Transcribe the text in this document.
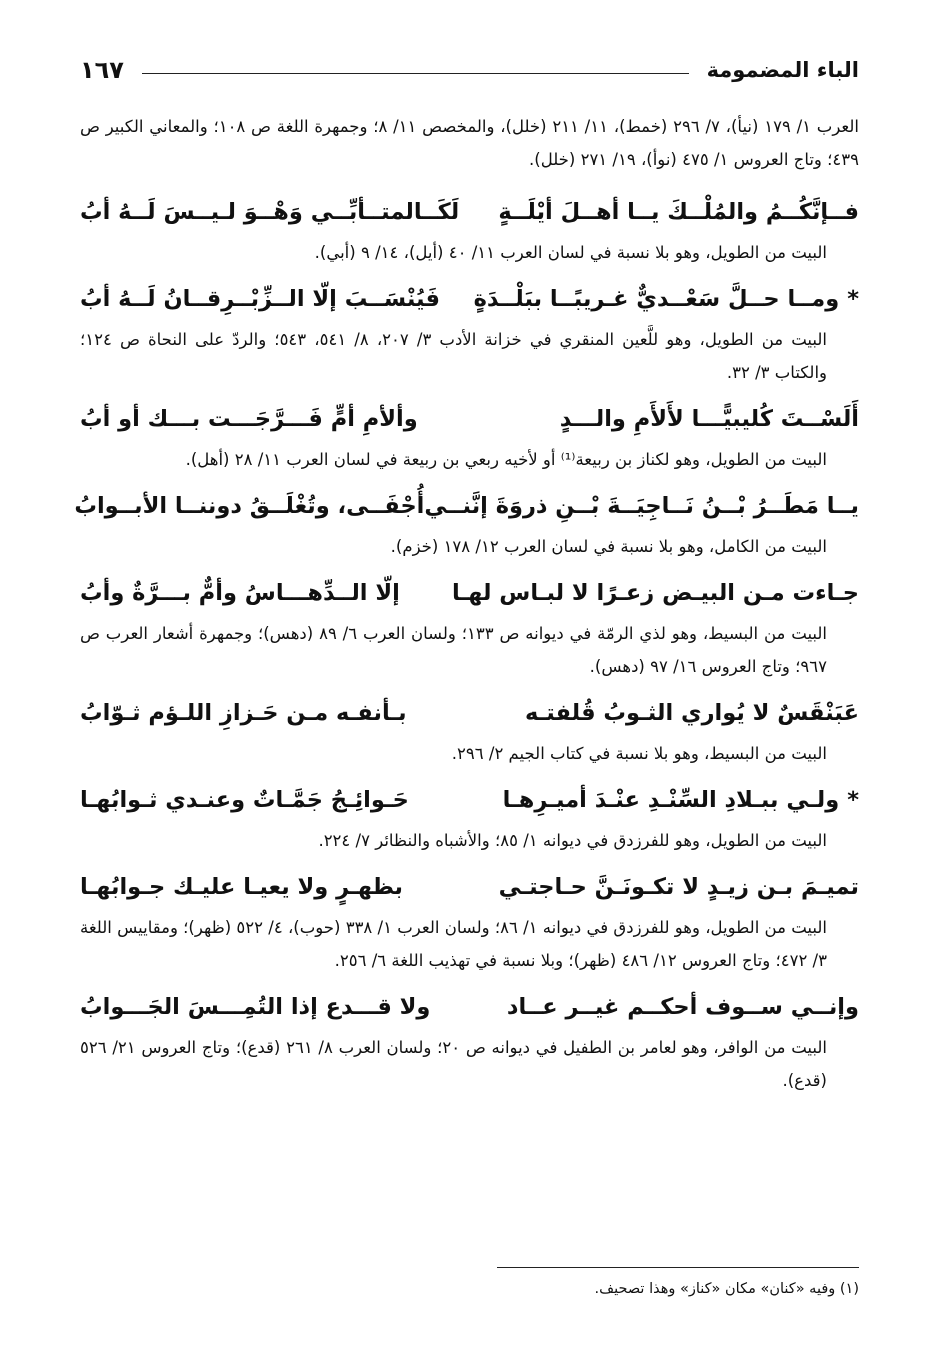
الباء المضمومة
١٦٧

العرب ١/ ١٧٩ (نيأ)، ٧/ ٢٩٦ (خمط)، ١١/ ٢١١ (خلل)، والمخصص ١١/ ٨؛ وجمهرة اللغة ص ١٠٨؛ والمعاني الكبير ص ٤٣٩؛ وتاج العروس ١/ ٤٧٥ (نوأ)، ١٩/ ٢٧١ (خلل).

فــإنَّكُــمُ والمُلْــكَ يــا أهــلَ أيْلَــةٍ
لَكَــالمتــأبِّــي وَهْــوَ لـيــسَ لَــهُ أبُ

البيت من الطويل، وهو بلا نسبة في لسان العرب ١١/ ٤٠ (أيل)، ١٤/ ٩ (أبي).

*ومــا حــلَّ سَعْــديٌّ غـريبًــا ببَلْــدَةٍ
فَيُنْسَــبَ إلّا الــزِّبْــرِقــانُ لَــهُ أبُ

البيت من الطويل، وهو للَّعين المنقري في خزانة الأدب ٣/ ٢٠٧، ٨/ ٥٤١، ٥٤٣؛ والردّ على النحاة ص ١٢٤؛ والكتاب ٣/ ٣٢.

أَلَسْــتَ كُليبيًّـــا لأَلأَمِ والـــدٍ
وألأمِ أمٍّ فَـــرَّجَـــت بـــك أو أبُ

البيت من الطويل، وهو لكناز بن ربيعة⁽¹⁾ أو لأخيه ربعي بن ربيعة في لسان العرب ١١/ ٢٨ (أهل).

يــا مَطَــرُ بْــنُ نَــاجِيَــةَ بْــنِ ذروَةَ إنَّنــي
أُجْفَــى، وتُغْلَــقُ دوننــا الأبــوابُ

البيت من الكامل، وهو بلا نسبة في لسان العرب ١٢/ ١٧٨ (خزم).

جـاءت مـن البيـض زعـرًا لا لبـاس لهـا
إلّا الــدِّهـــاسُ وأمٌّ بـــرَّةٌ وأبُ

البيت من البسيط، وهو لذي الرمّة في ديوانه ص ١٣٣؛ ولسان العرب ٦/ ٨٩ (دهس)؛ وجمهرة أشعار العرب ص ٩٦٧؛ وتاج العروس ١٦/ ٩٧ (دهس).

عَبَنْقَسٌ لا يُواري الثـوبُ قُلفتـه
بـأنفـه مـن حَـزازِ اللـؤم ثـوّابُ

البيت من البسيط، وهو بلا نسبة في كتاب الجيم ٢/ ٢٩٦.

*ولـي ببـلادِ السِّنْـدِ عنْـدَ أميـرِهـا
حَـوائِـجُ جَمَّـاتٌ وعنـدي ثـوابُهـا

البيت من الطويل، وهو للفرزدق في ديوانه ١/ ٨٥؛ والأشباه والنظائر ٧/ ٢٢٤.

تميـمَ بـن زيـدٍ لا تكـونَـنَّ حـاجتـي
بظهـرٍ ولا يعيـا عليـك جـوابُهـا

البيت من الطويل، وهو للفرزدق في ديوانه ١/ ٨٦؛ ولسان العرب ١/ ٣٣٨ (حوب)، ٤/ ٥٢٢ (ظهر)؛ ومقاييس اللغة ٣/ ٤٧٢؛ وتاج العروس ١٢/ ٤٨٦ (ظهر)؛ وبلا نسبة في تهذيب اللغة ٦/ ٢٥٦.

وإنــي ســوف أحكــم غيــر عــاد
ولا قـــدع إذا التُمِـــسَ الجَـــوابُ

البيت من الوافر، وهو لعامر بن الطفيل في ديوانه ص ٢٠؛ ولسان العرب ٨/ ٢٦١ (قدع)؛ وتاج العروس ٢١/ ٥٢٦ (قدع).

(١) وفيه «كنان» مكان «كناز» وهذا تصحيف.
